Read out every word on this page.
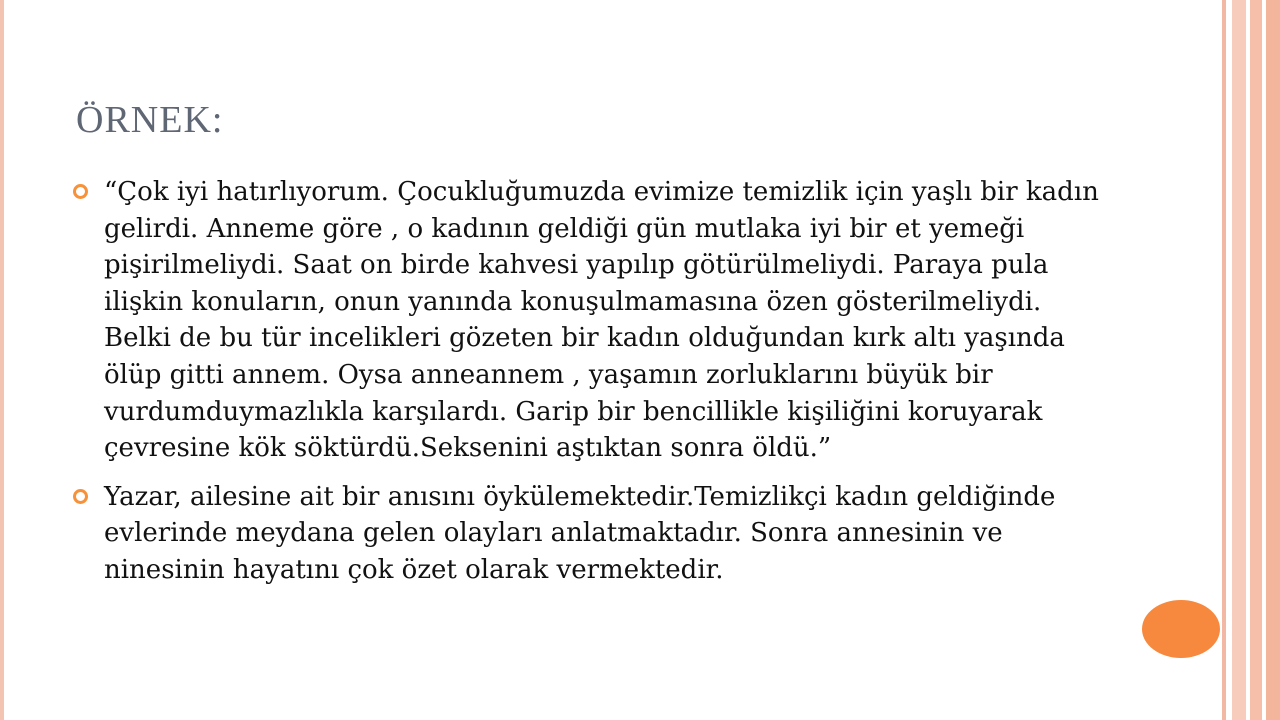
ÖRNEK:

“Çok iyi hatırlıyorum. Çocukluğumuzda evimize temizlik için yaşlı bir kadın gelirdi. Anneme göre , o kadının geldiği gün mutlaka iyi bir et yemeği pişirilmeliydi. Saat on birde kahvesi yapılıp götürülmeliydi. Paraya pula ilişkin konuların, onun yanında konuşulmamasına özen gösterilmeliydi. Belki de bu tür incelikleri gözeten bir kadın olduğundan kırk altı yaşında ölüp gitti annem. Oysa anneannem , yaşamın zorluklarını büyük bir vurdumduymazlıkla karşılardı. Garip bir bencillikle kişiliğini koruyarak çevresine kök söktürdü.Seksenini aştıktan sonra öldü.”

Yazar, ailesine ait bir anısını öykülemektedir.Temizlikçi kadın geldiğinde evlerinde meydana gelen olayları anlatmaktadır. Sonra annesinin ve ninesinin hayatını çok özet olarak vermektedir.
